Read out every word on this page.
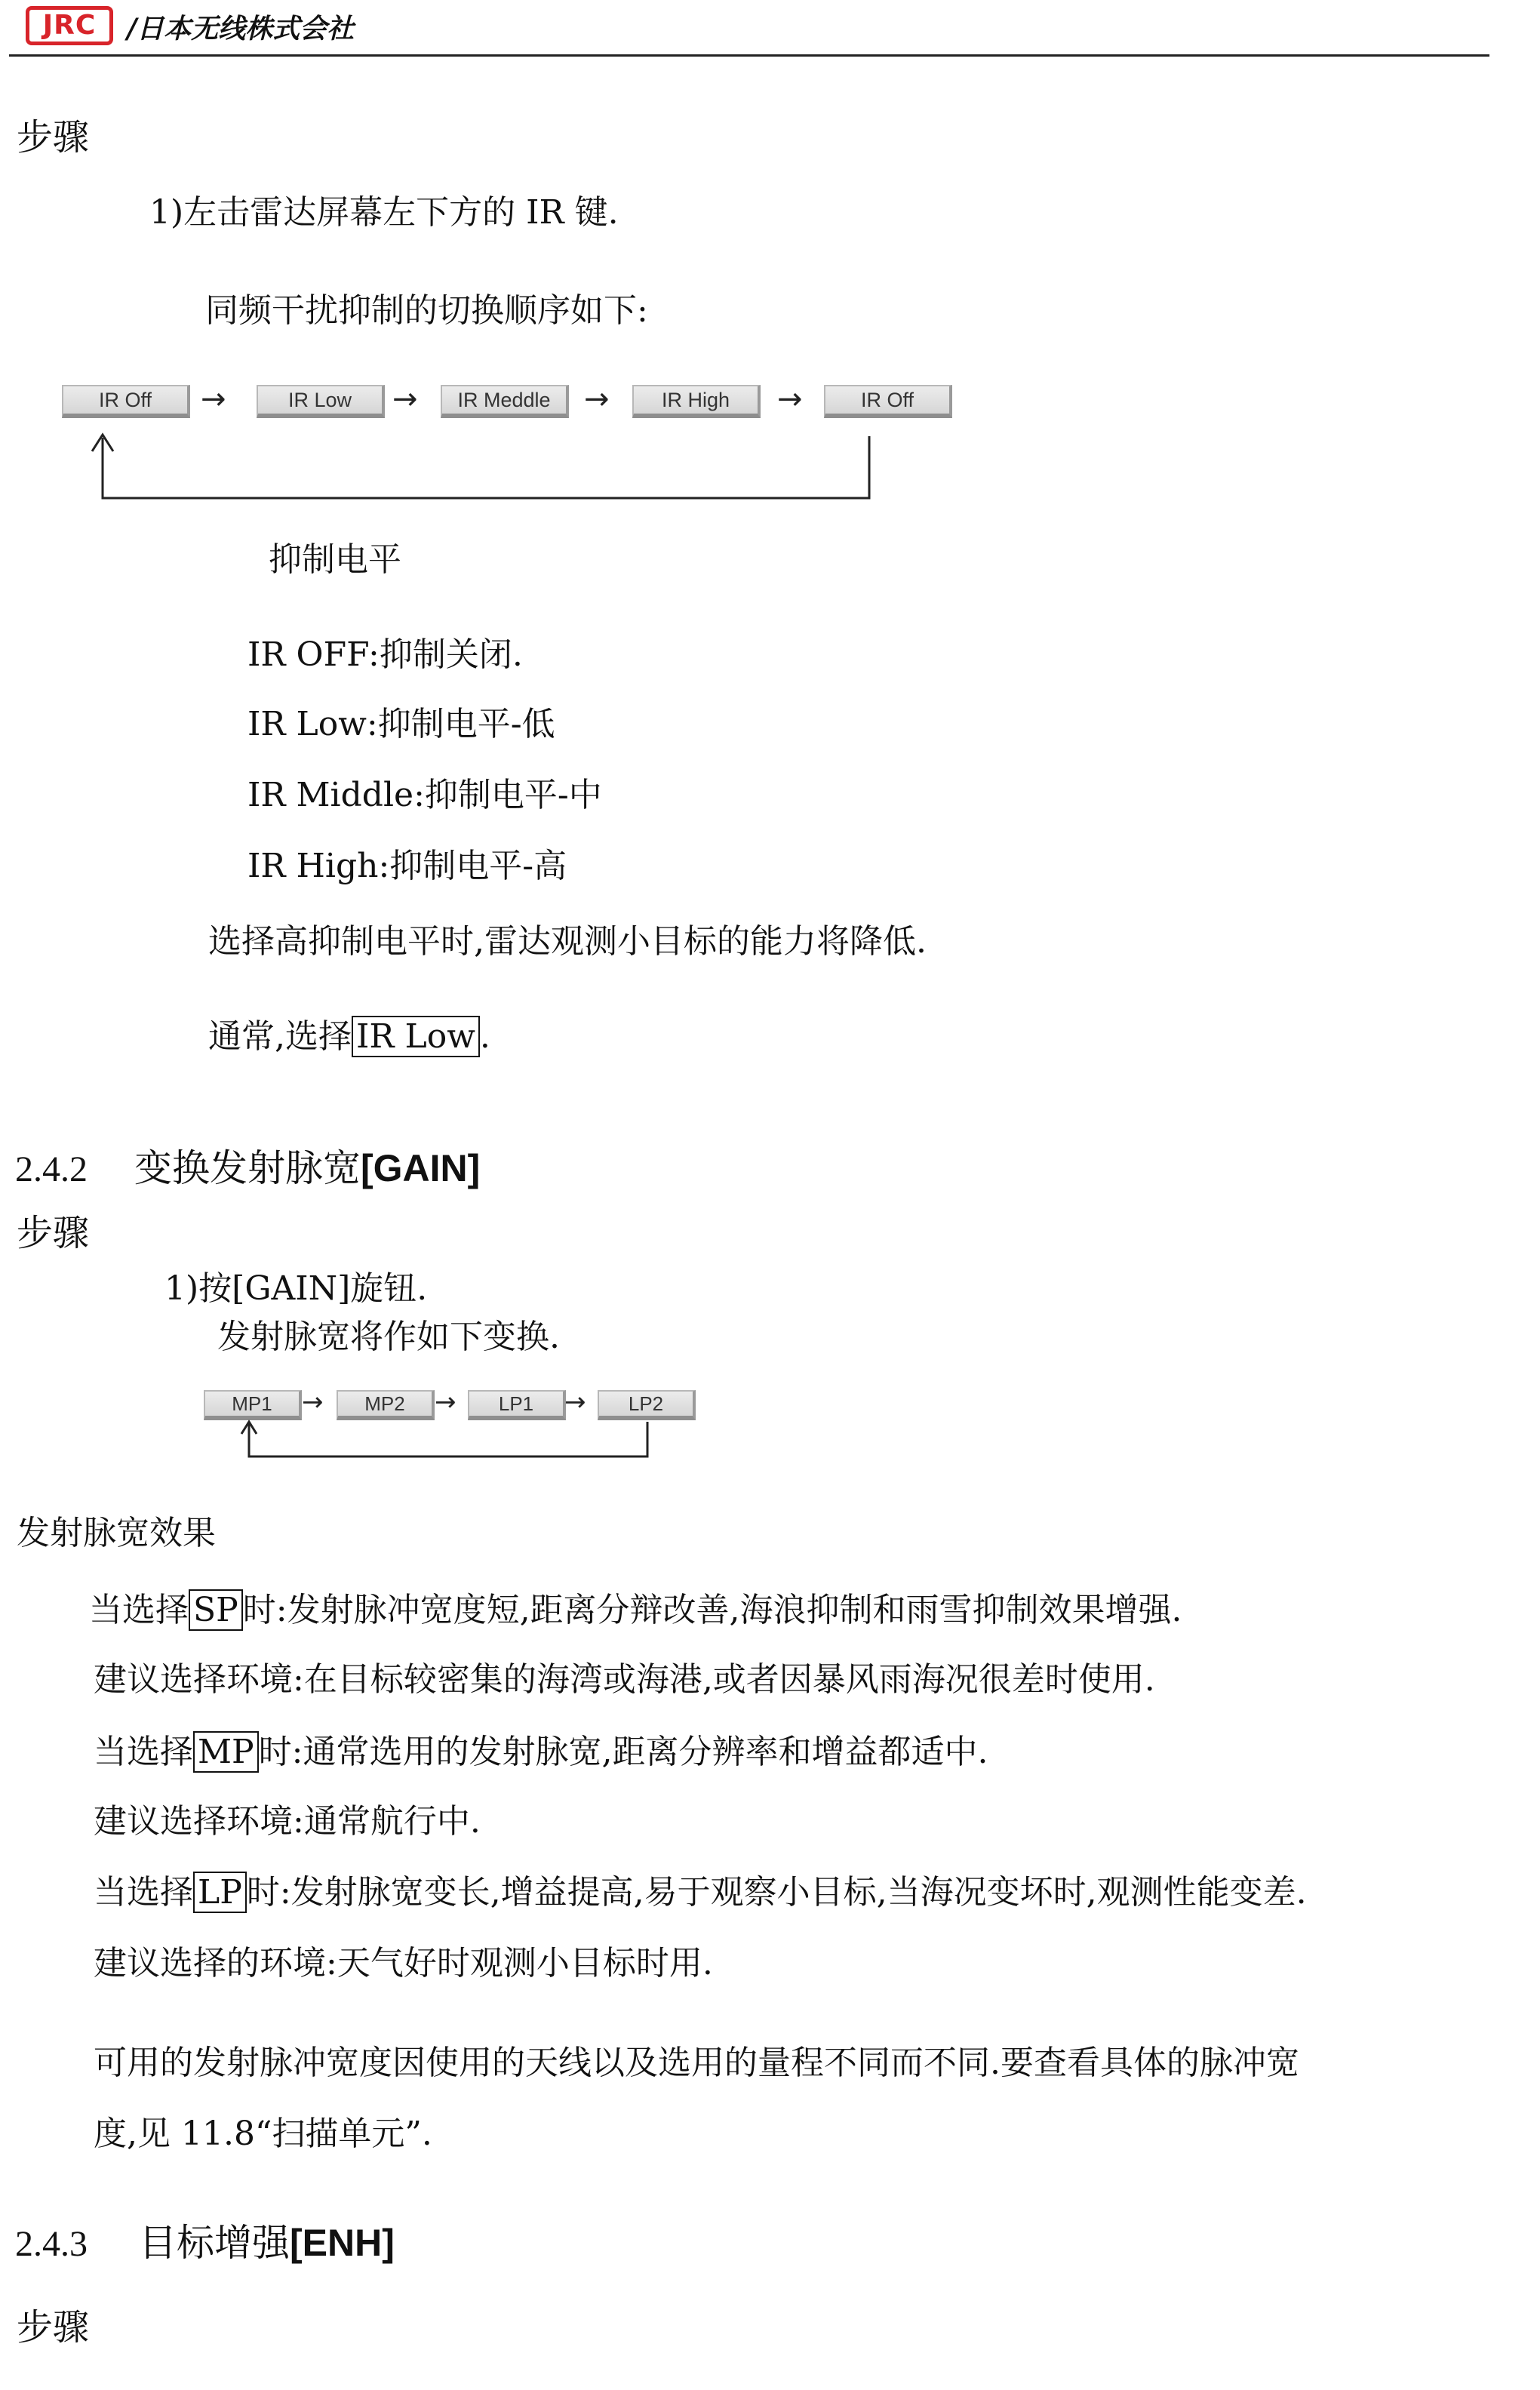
JRC	/日本无线株式会社
步骤
1)左击雷达屏幕左下方的 IR 键.
同频干扰抑制的切换顺序如下:
IR Off	→	IR Low	→	IR Meddle	→	IR High	→	IR Off
抑制电平
IR OFF:抑制关闭.
IR Low:抑制电平-低
IR Middle:抑制电平-中
IR High:抑制电平-高
选择高抑制电平时,雷达观测小目标的能力将降低.
通常,选择 IR Low .
2.4.2 变换发射脉宽[GAIN]
步骤
1)按[GAIN]旋钮.
发射脉宽将作如下变换.
MP1	→	MP2	→	LP1	→	LP2
发射脉宽效果
当选择 SP 时:发射脉冲宽度短,距离分辩改善,海浪抑制和雨雪抑制效果增强.
建议选择环境:在目标较密集的海湾或海港,或者因暴风雨海况很差时使用.
当选择 MP 时:通常选用的发射脉宽,距离分辨率和增益都适中.
建议选择环境:通常航行中.
当选择 LP 时:发射脉宽变长,增益提高,易于观察小目标,当海况变坏时,观测性能变差.
建议选择的环境:天气好时观测小目标时用.
可用的发射脉冲宽度因使用的天线以及选用的量程不同而不同.要查看具体的脉冲宽
度,见 11.8“扫描单元”.
2.4.3 目标增强[ENH]
步骤
